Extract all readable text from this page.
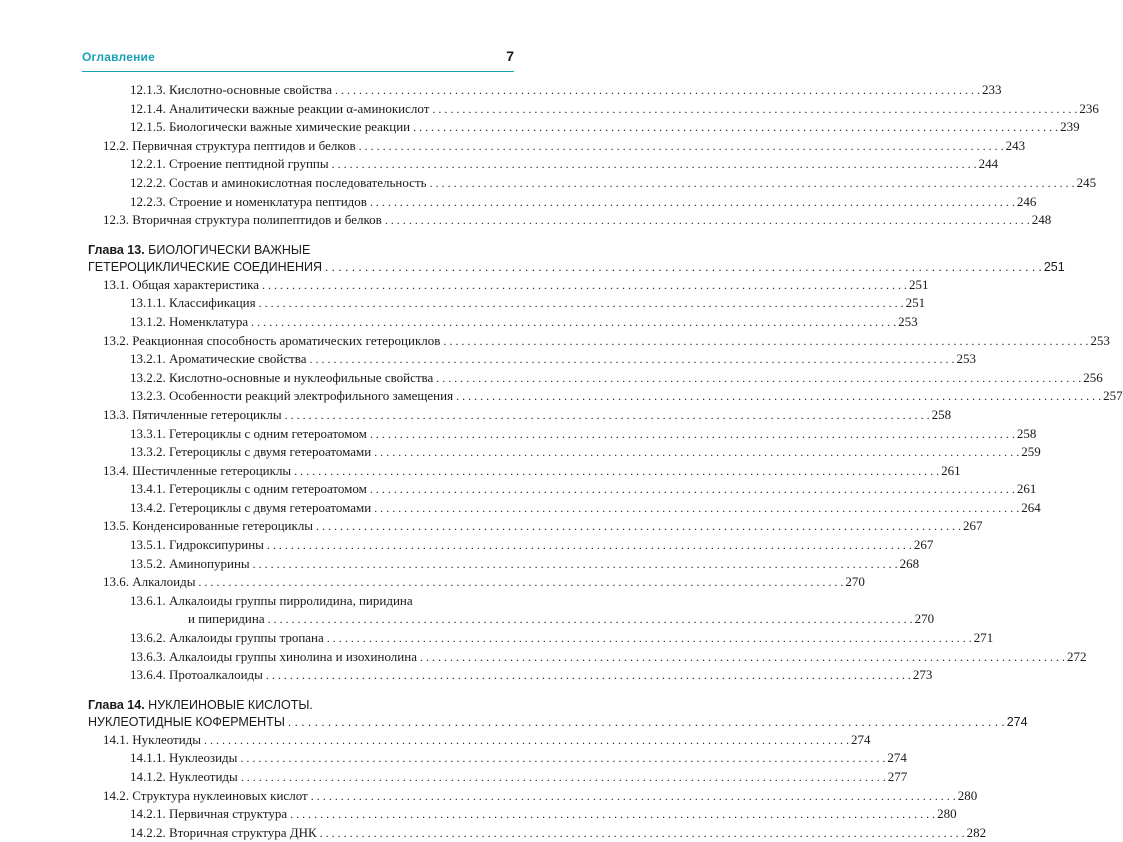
Оглавление	7
12.1.3. Кислотно-основные свойства . . .	233
12.1.4. Аналитически важные реакции α-аминокислот . . .	236
12.1.5. Биологически важные химические реакции . . .	239
12.2. Первичная структура пептидов и белков . . .	243
12.2.1. Строение пептидной группы . . .	244
12.2.2. Состав и аминокислотная последовательность . . .	245
12.2.3. Строение и номенклатура пептидов . . .	246
12.3. Вторичная структура полипептидов и белков . . .	248
Глава 13. БИОЛОГИЧЕСКИ ВАЖНЫЕ
ГЕТЕРОЦИКЛИЧЕСКИЕ СОЕДИНЕНИЯ . . .	251
13.1. Общая характеристика . . .	251
13.1.1. Классификация . . .	251
13.1.2. Номенклатура . . .	253
13.2. Реакционная способность ароматических гетероциклов . . .	253
13.2.1. Ароматические свойства . . .	253
13.2.2. Кислотно-основные и нуклеофильные свойства . . .	256
13.2.3. Особенности реакций электрофильного замещения . . .	257
13.3. Пятичленные гетероциклы . . .	258
13.3.1. Гетероциклы с одним гетероатомом . . .	258
13.3.2. Гетероциклы с двумя гетероатомами . . .	259
13.4. Шестичленные гетероциклы . . .	261
13.4.1. Гетероциклы с одним гетероатомом . . .	261
13.4.2. Гетероциклы с двумя гетероатомами . . .	264
13.5. Конденсированные гетероциклы . . .	267
13.5.1. Гидроксипурины . . .	267
13.5.2. Аминопурины . . .	268
13.6. Алкалоиды . . .	270
13.6.1. Алкалоиды группы пирролидина, пиридина
и пиперидина . . .	270
13.6.2. Алкалоиды группы тропана . . .	271
13.6.3. Алкалоиды группы хинолина и изохинолина . . .	272
13.6.4. Протоалкалоиды . . .	273
Глава 14. НУКЛЕИНОВЫЕ КИСЛОТЫ.
НУКЛЕОТИДНЫЕ КОФЕРМЕНТЫ . . .	274
14.1. Нуклеотиды . . .	274
14.1.1. Нуклеозиды . . .	274
14.1.2. Нуклеотиды . . .	277
14.2. Структура нуклеиновых кислот . . .	280
14.2.1. Первичная структура . . .	280
14.2.2. Вторичная структура ДНК . . .	282
